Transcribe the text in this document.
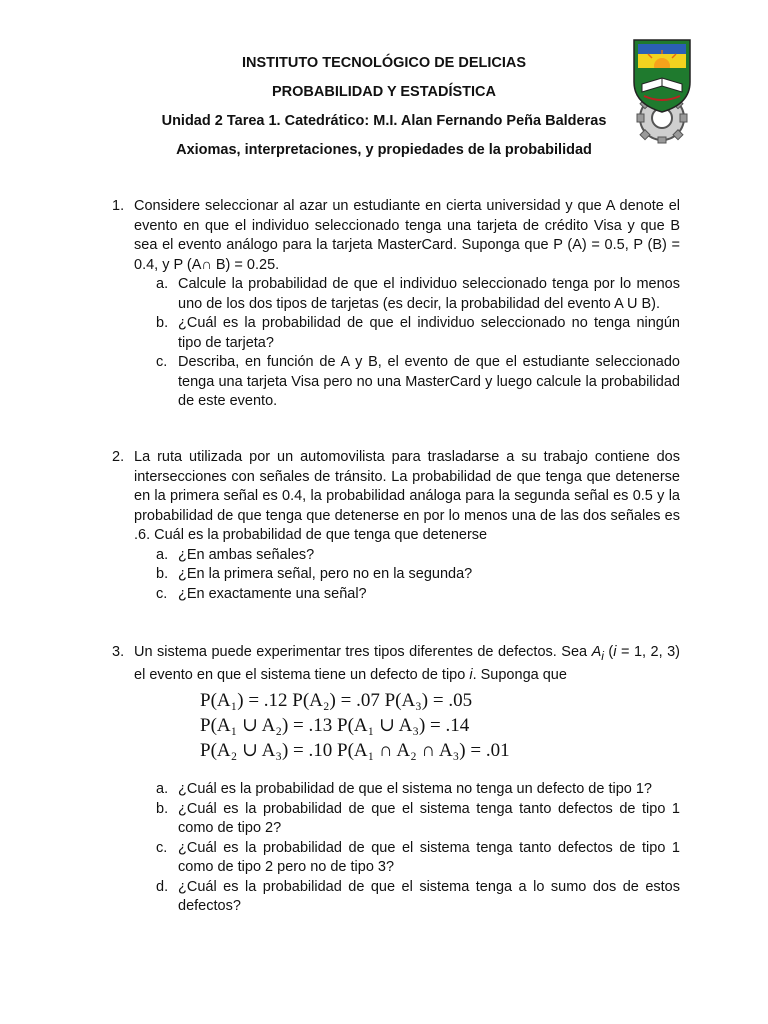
INSTITUTO TECNOLÓGICO DE DELICIAS
PROBABILIDAD Y ESTADÍSTICA
Unidad 2 Tarea 1. Catedrático: M.I. Alan Fernando Peña Balderas
Axiomas, interpretaciones, y propiedades de la probabilidad
1. Considere seleccionar al azar un estudiante en cierta universidad y que A denote el evento en que el individuo seleccionado tenga una tarjeta de crédito Visa y que B sea el evento análogo para la tarjeta MasterCard. Suponga que P (A) = 0.5, P (B) = 0.4, y P (A∩ B) = 0.25.
a. Calcule la probabilidad de que el individuo seleccionado tenga por lo menos uno de los dos tipos de tarjetas (es decir, la probabilidad del evento A U B).
b. ¿Cuál es la probabilidad de que el individuo seleccionado no tenga ningún tipo de tarjeta?
c. Describa, en función de A y B, el evento de que el estudiante seleccionado tenga una tarjeta Visa pero no una MasterCard y luego calcule la probabilidad de este evento.
2. La ruta utilizada por un automovilista para trasladarse a su trabajo contiene dos intersecciones con señales de tránsito. La probabilidad de que tenga que detenerse en la primera señal es 0.4, la probabilidad análoga para la segunda señal es 0.5 y la probabilidad de que tenga que detenerse en por lo menos una de las dos señales es .6. Cuál es la probabilidad de que tenga que detenerse
a. ¿En ambas señales?
b. ¿En la primera señal, pero no en la segunda?
c. ¿En exactamente una señal?
3. Un sistema puede experimentar tres tipos diferentes de defectos. Sea $A_i$ (i = 1, 2, 3) el evento en que el sistema tiene un defecto de tipo i. Suponga que
P(A₁) = .12 P(A₂) = .07 P(A₃) = .05
P(A₁ ∪ A₂) = .13 P(A₁ ∪ A₃) = .14
P(A₂ ∪ A₃) = .10 P(A₁ ∩ A₂ ∩ A₃) = .01
a. ¿Cuál es la probabilidad de que el sistema no tenga un defecto de tipo 1?
b. ¿Cuál es la probabilidad de que el sistema tenga tanto defectos de tipo 1 como de tipo 2?
c. ¿Cuál es la probabilidad de que el sistema tenga tanto defectos de tipo 1 como de tipo 2 pero no de tipo 3?
d. ¿Cuál es la probabilidad de que el sistema tenga a lo sumo dos de estos defectos?
